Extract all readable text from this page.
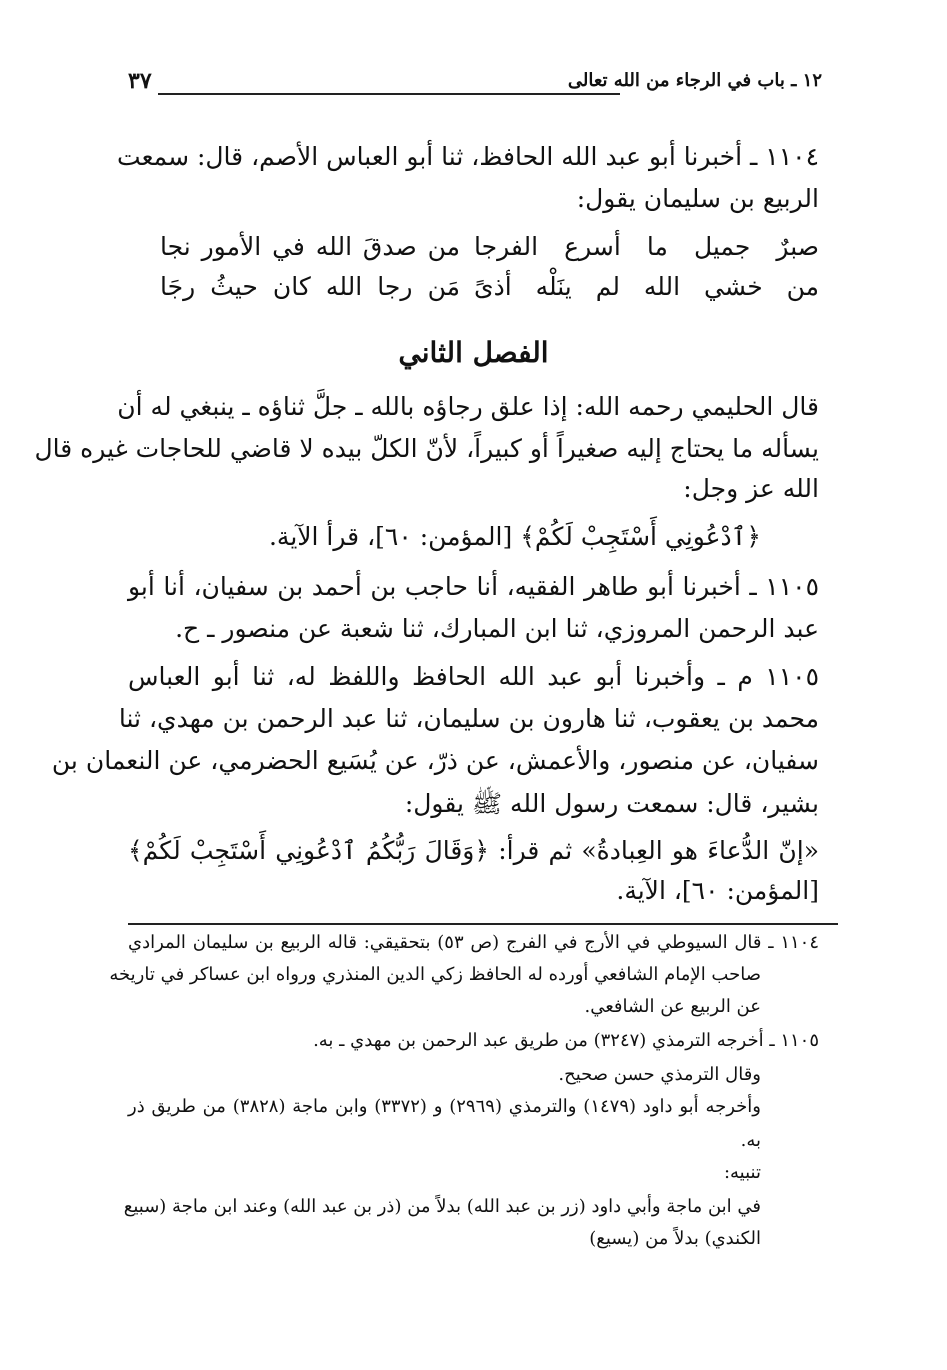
١٢ ـ باب في الرجاء من الله تعالى
٣٧
١١٠٤ ـ أخبرنا أبو عبد الله الحافظ، ثنا أبو العباس الأصم، قال: سمعت
الربيع بن سليمان يقول:
صبرٌ جميل ما أسرع الفرجا
من صدقَ الله في الأمور نجا
من خشي الله لم ينَلْه أذىً
مَن رجا الله كان حيثُ رجَا
الفصل الثاني
قال الحليمي رحمه الله: إذا علق رجاؤه بالله ـ جلَّ ثناؤه ـ ينبغي له أن
يسأله ما يحتاج إليه صغيراً أو كبيراً، لأنّ الكلّ بيده لا قاضي للحاجات غيره قال
الله عز وجل:
﴿ٱدْعُونِي أَسْتَجِبْ لَكُمْ﴾ [المؤمن: ٦٠]، قرأ الآية.
١١٠٥ ـ أخبرنا أبو طاهر الفقيه، أنا حاجب بن أحمد بن سفيان، أنا أبو
عبد الرحمن المروزي، ثنا ابن المبارك، ثنا شعبة عن منصور ـ ح.
١١٠٥ م ـ وأخبرنا أبو عبد الله الحافظ واللفظ له، ثنا أبو العباس
محمد بن يعقوب، ثنا هارون بن سليمان، ثنا عبد الرحمن بن مهدي، ثنا
سفيان، عن منصور، والأعمش، عن ذرّ، عن يُسَيع الحضرمي، عن النعمان بن
بشير، قال: سمعت رسول الله ﷺ يقول:
«إنّ الدُّعاءَ هو العِبادةُ» ثم قرأ: ﴿وَقَالَ رَبُّكُمُ ٱدْعُونِي أَسْتَجِبْ لَكُمْ﴾
[المؤمن: ٦٠]، الآية.
١١٠٤ ـ قال السيوطي في الأرج في الفرج (ص ٥٣) بتحقيقي: قاله الربيع بن سليمان المرادي
صاحب الإمام الشافعي أورده له الحافظ زكي الدين المنذري ورواه ابن عساكر في تاريخه
عن الربيع عن الشافعي.
١١٠٥ ـ أخرجه الترمذي (٣٢٤٧) من طريق عبد الرحمن بن مهدي ـ به.
وقال الترمذي حسن صحيح.
وأخرجه أبو داود (١٤٧٩) والترمذي (٢٩٦٩) و (٣٣٧٢) وابن ماجة (٣٨٢٨) من طريق ذر
به.
تنبيه:
في ابن ماجة وأبي داود (زر بن عبد الله) بدلاً من (ذر بن عبد الله) وعند ابن ماجة (سبيع
الكندي) بدلاً من (يسيع)
